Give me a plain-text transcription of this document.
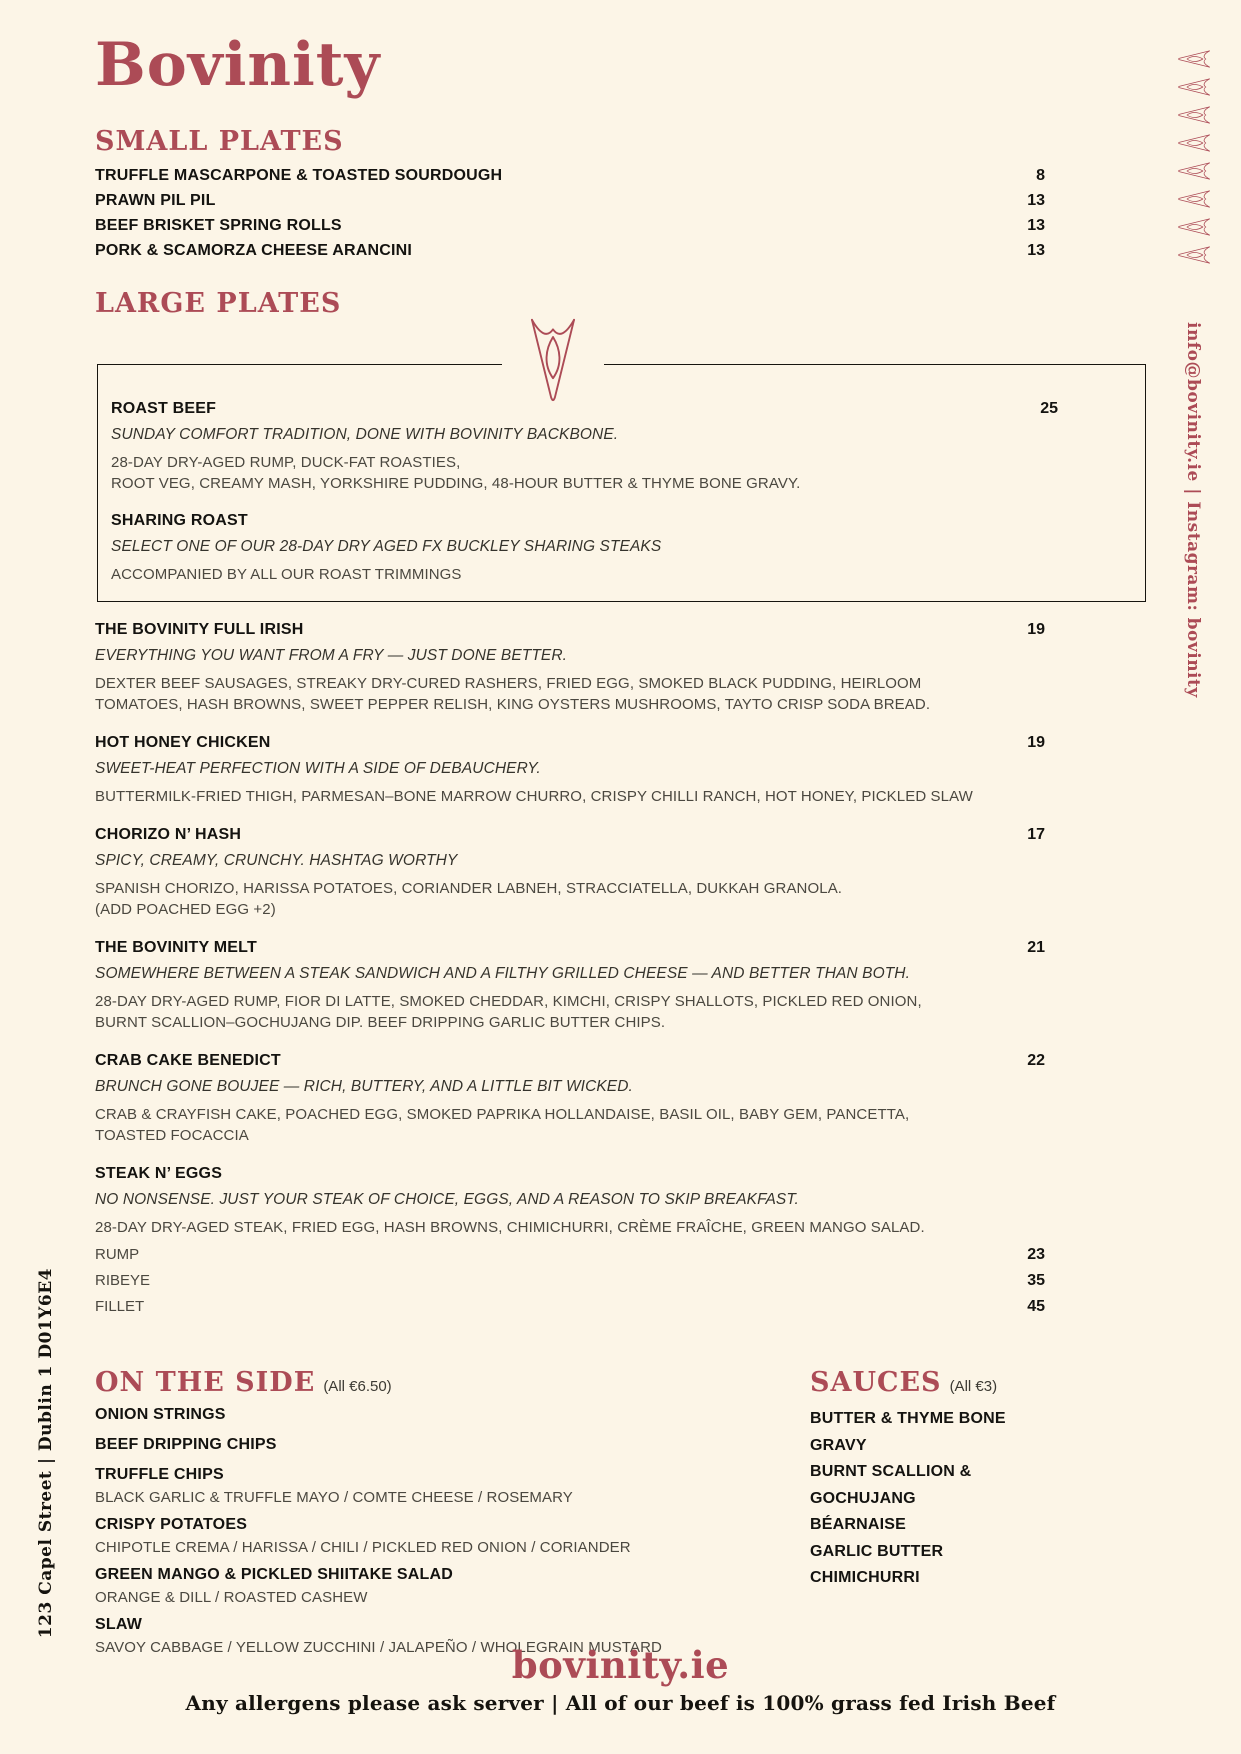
Bovinity
SMALL PLATES
TRUFFLE MASCARPONE & TOASTED SOURDOUGH	8
PRAWN PIL PIL	13
BEEF BRISKET SPRING ROLLS	13
PORK & SCAMORZA CHEESE ARANCINI	13
LARGE PLATES
ROAST BEEF	25
SUNDAY COMFORT TRADITION, DONE WITH BOVINITY BACKBONE.
28-DAY DRY-AGED RUMP, DUCK-FAT ROASTIES,
ROOT VEG, CREAMY MASH, YORKSHIRE PUDDING, 48-HOUR BUTTER & THYME BONE GRAVY.
SHARING ROAST
SELECT ONE OF OUR 28-DAY DRY AGED FX BUCKLEY SHARING STEAKS
ACCOMPANIED BY ALL OUR ROAST TRIMMINGS
THE BOVINITY FULL IRISH	19
EVERYTHING YOU WANT FROM A FRY — JUST DONE BETTER.
DEXTER BEEF SAUSAGES, STREAKY DRY-CURED RASHERS, FRIED EGG, SMOKED BLACK PUDDING, HEIRLOOM
TOMATOES, HASH BROWNS, SWEET PEPPER RELISH, KING OYSTERS MUSHROOMS, TAYTO CRISP SODA BREAD.
HOT HONEY CHICKEN	19
SWEET-HEAT PERFECTION WITH A SIDE OF DEBAUCHERY.
BUTTERMILK-FRIED THIGH, PARMESAN–BONE MARROW CHURRO, CRISPY CHILLI RANCH, HOT HONEY, PICKLED SLAW
CHORIZO N’ HASH	17
SPICY, CREAMY, CRUNCHY. HASHTAG WORTHY
SPANISH CHORIZO, HARISSA POTATOES, CORIANDER LABNEH, STRACCIATELLA, DUKKAH GRANOLA.
(ADD POACHED EGG +2)
THE BOVINITY MELT	21
SOMEWHERE BETWEEN A STEAK SANDWICH AND A FILTHY GRILLED CHEESE — AND BETTER THAN BOTH.
28-DAY DRY-AGED RUMP, FIOR DI LATTE, SMOKED CHEDDAR, KIMCHI, CRISPY SHALLOTS, PICKLED RED ONION,
BURNT SCALLION–GOCHUJANG DIP. BEEF DRIPPING GARLIC BUTTER CHIPS.
CRAB CAKE BENEDICT	22
BRUNCH GONE BOUJEE — RICH, BUTTERY, AND A LITTLE BIT WICKED.
CRAB & CRAYFISH CAKE, POACHED EGG, SMOKED PAPRIKA HOLLANDAISE, BASIL OIL, BABY GEM, PANCETTA,
TOASTED FOCACCIA
STEAK N’ EGGS
NO NONSENSE. JUST YOUR STEAK OF CHOICE, EGGS, AND A REASON TO SKIP BREAKFAST.
28-DAY DRY-AGED STEAK, FRIED EGG, HASH BROWNS, CHIMICHURRI, CRÈME FRAÎCHE, GREEN MANGO SALAD.
RUMP	23
RIBEYE	35
FILLET	45
ON THE SIDE (All €6.50)
ONION STRINGS
BEEF DRIPPING CHIPS
TRUFFLE CHIPS
BLACK GARLIC & TRUFFLE MAYO / COMTE CHEESE / ROSEMARY
CRISPY POTATOES
CHIPOTLE CREMA / HARISSA / CHILI / PICKLED RED ONION / CORIANDER
GREEN MANGO & PICKLED SHIITAKE SALAD
ORANGE & DILL / ROASTED CASHEW
SLAW
SAVOY CABBAGE / YELLOW ZUCCHINI / JALAPEÑO / WHOLEGRAIN MUSTARD
SAUCES (All €3)
BUTTER & THYME BONE GRAVY
BURNT SCALLION & GOCHUJANG
BÉARNAISE
GARLIC BUTTER
CHIMICHURRI
bovinity.ie
Any allergens please ask server | All of our beef is 100% grass fed Irish Beef
123 Capel Street | Dublin 1 D01Y6E4
info@bovinity.ie | Instagram: bovinity
